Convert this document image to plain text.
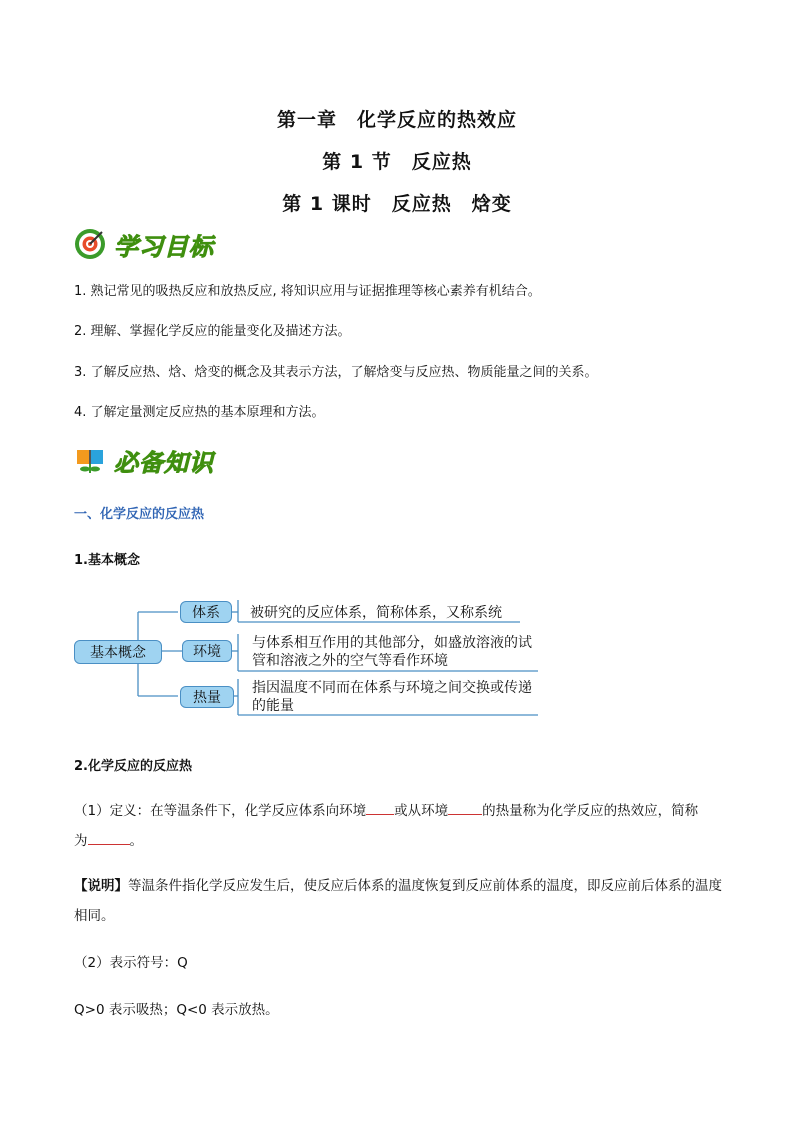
第一章　化学反应的热效应
第 1 节　反应热
第 1 课时　反应热　焓变
学习目标
1. 熟记常见的吸热反应和放热反应, 将知识应用与证据推理等核心素养有机结合。
2. 理解、掌握化学反应的能量变化及描述方法。
3. 了解反应热、焓、焓变的概念及其表示方法，了解焓变与反应热、物质能量之间的关系。
4. 了解定量测定反应热的基本原理和方法。
必备知识
一、化学反应的反应热
1.基本概念
基本概念
体系
环境
热量
被研究的反应体系，简称体系，又称系统
与体系相互作用的其他部分，如盛放溶液的试管和溶液之外的空气等看作环境
指因温度不同而在体系与环境之间交换或传递的能量
2.化学反应的反应热
（1）定义：在等温条件下，化学反应体系向环境 或从环境	的热量称为化学反应的热效应，简称
为	。
【说明】等温条件指化学反应发生后，使反应后体系的温度恢复到反应前体系的温度，即反应前后体系的温度相同。
（2）表示符号：Q
Q>0 表示吸热；Q<0 表示放热。
